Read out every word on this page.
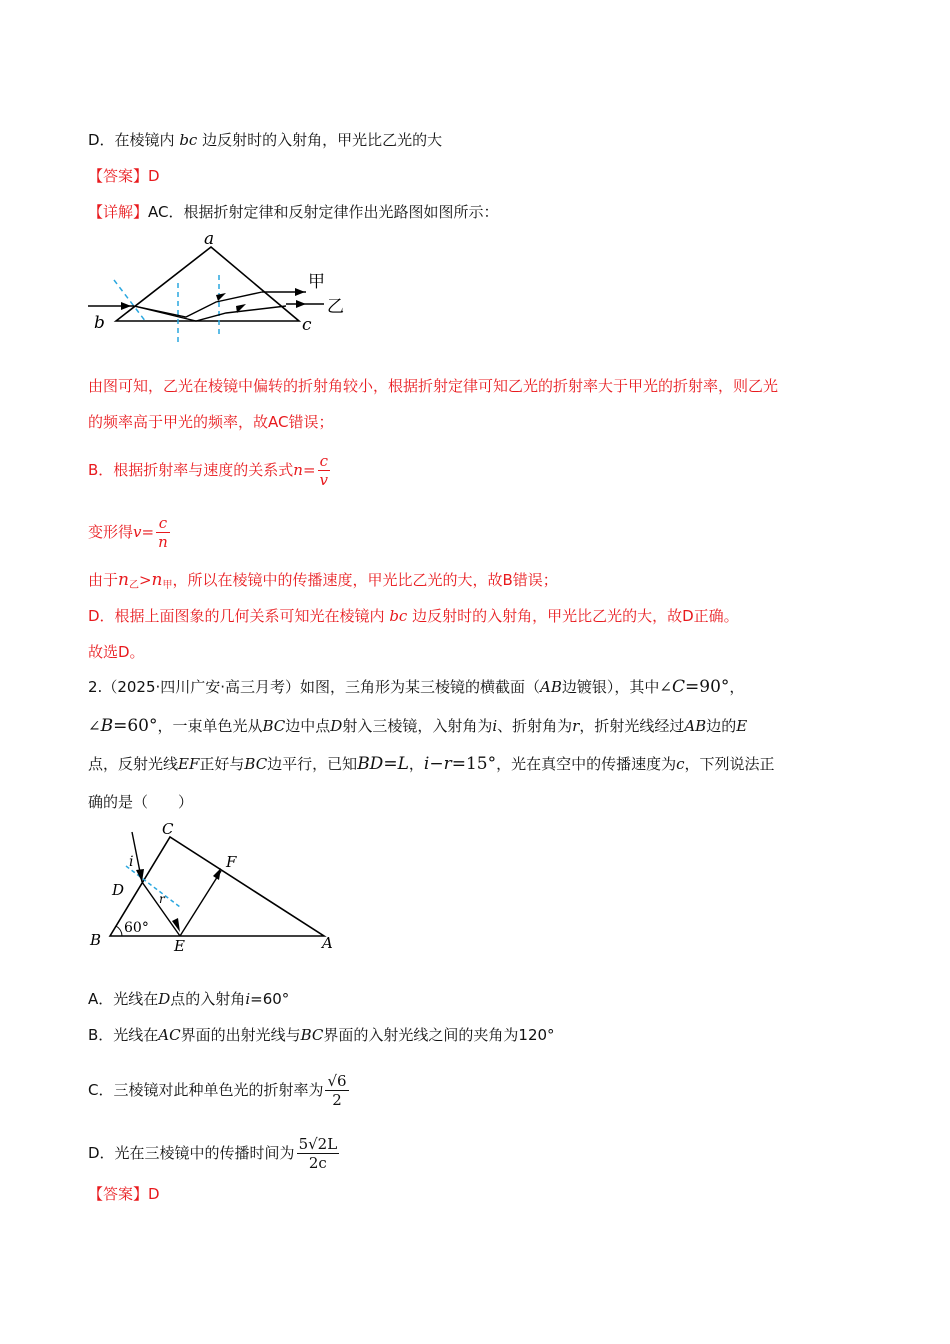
D．在棱镜内 bc 边反射时的入射角，甲光比乙光的大
【答案】D
【详解】AC．根据折射定律和反射定律作出光路图如图所示：
a
b	c
甲
乙
由图可知，乙光在棱镜中偏转的折射角较小，根据折射定律可知乙光的折射率大于甲光的折射率，则乙光
的频率高于甲光的频率，故AC错误；
B．根据折射率与速度的关系式$n= \frac{c}{v}$
变形得$v= \frac{c}{n}$
由于$n_乙>n_甲$，所以在棱镜中的传播速度，甲光比乙光的大，故B错误；
D．根据上面图象的几何关系可知光在棱镜内 bc 边反射时的入射角，甲光比乙光的大，故D正确。
故选D。
2.（2025·四川广安·高三月考）如图，三角形为某三棱镜的横截面（AB边镀银），其中∠C=90°，
∠B=60°，一束单色光从BC边中点D射入三棱镜，入射角为i、折射角为r，折射光线经过AB边的E
点，反射光线EF正好与BC边平行，已知BD=L，i−r=15°，光在真空中的传播速度为c，下列说法正
确的是（　　）
C
F
i
D	r
B
60°
E	A
A．光线在D点的入射角i=60°
B．光线在AC界面的出射光线与BC界面的入射光线之间的夹角为120°
C．三棱镜对此种单色光的折射率为 $\frac{√6}{2}$
D．光在三棱镜中的传播时间为 $\frac{5√2L}{2c}$
【答案】D
